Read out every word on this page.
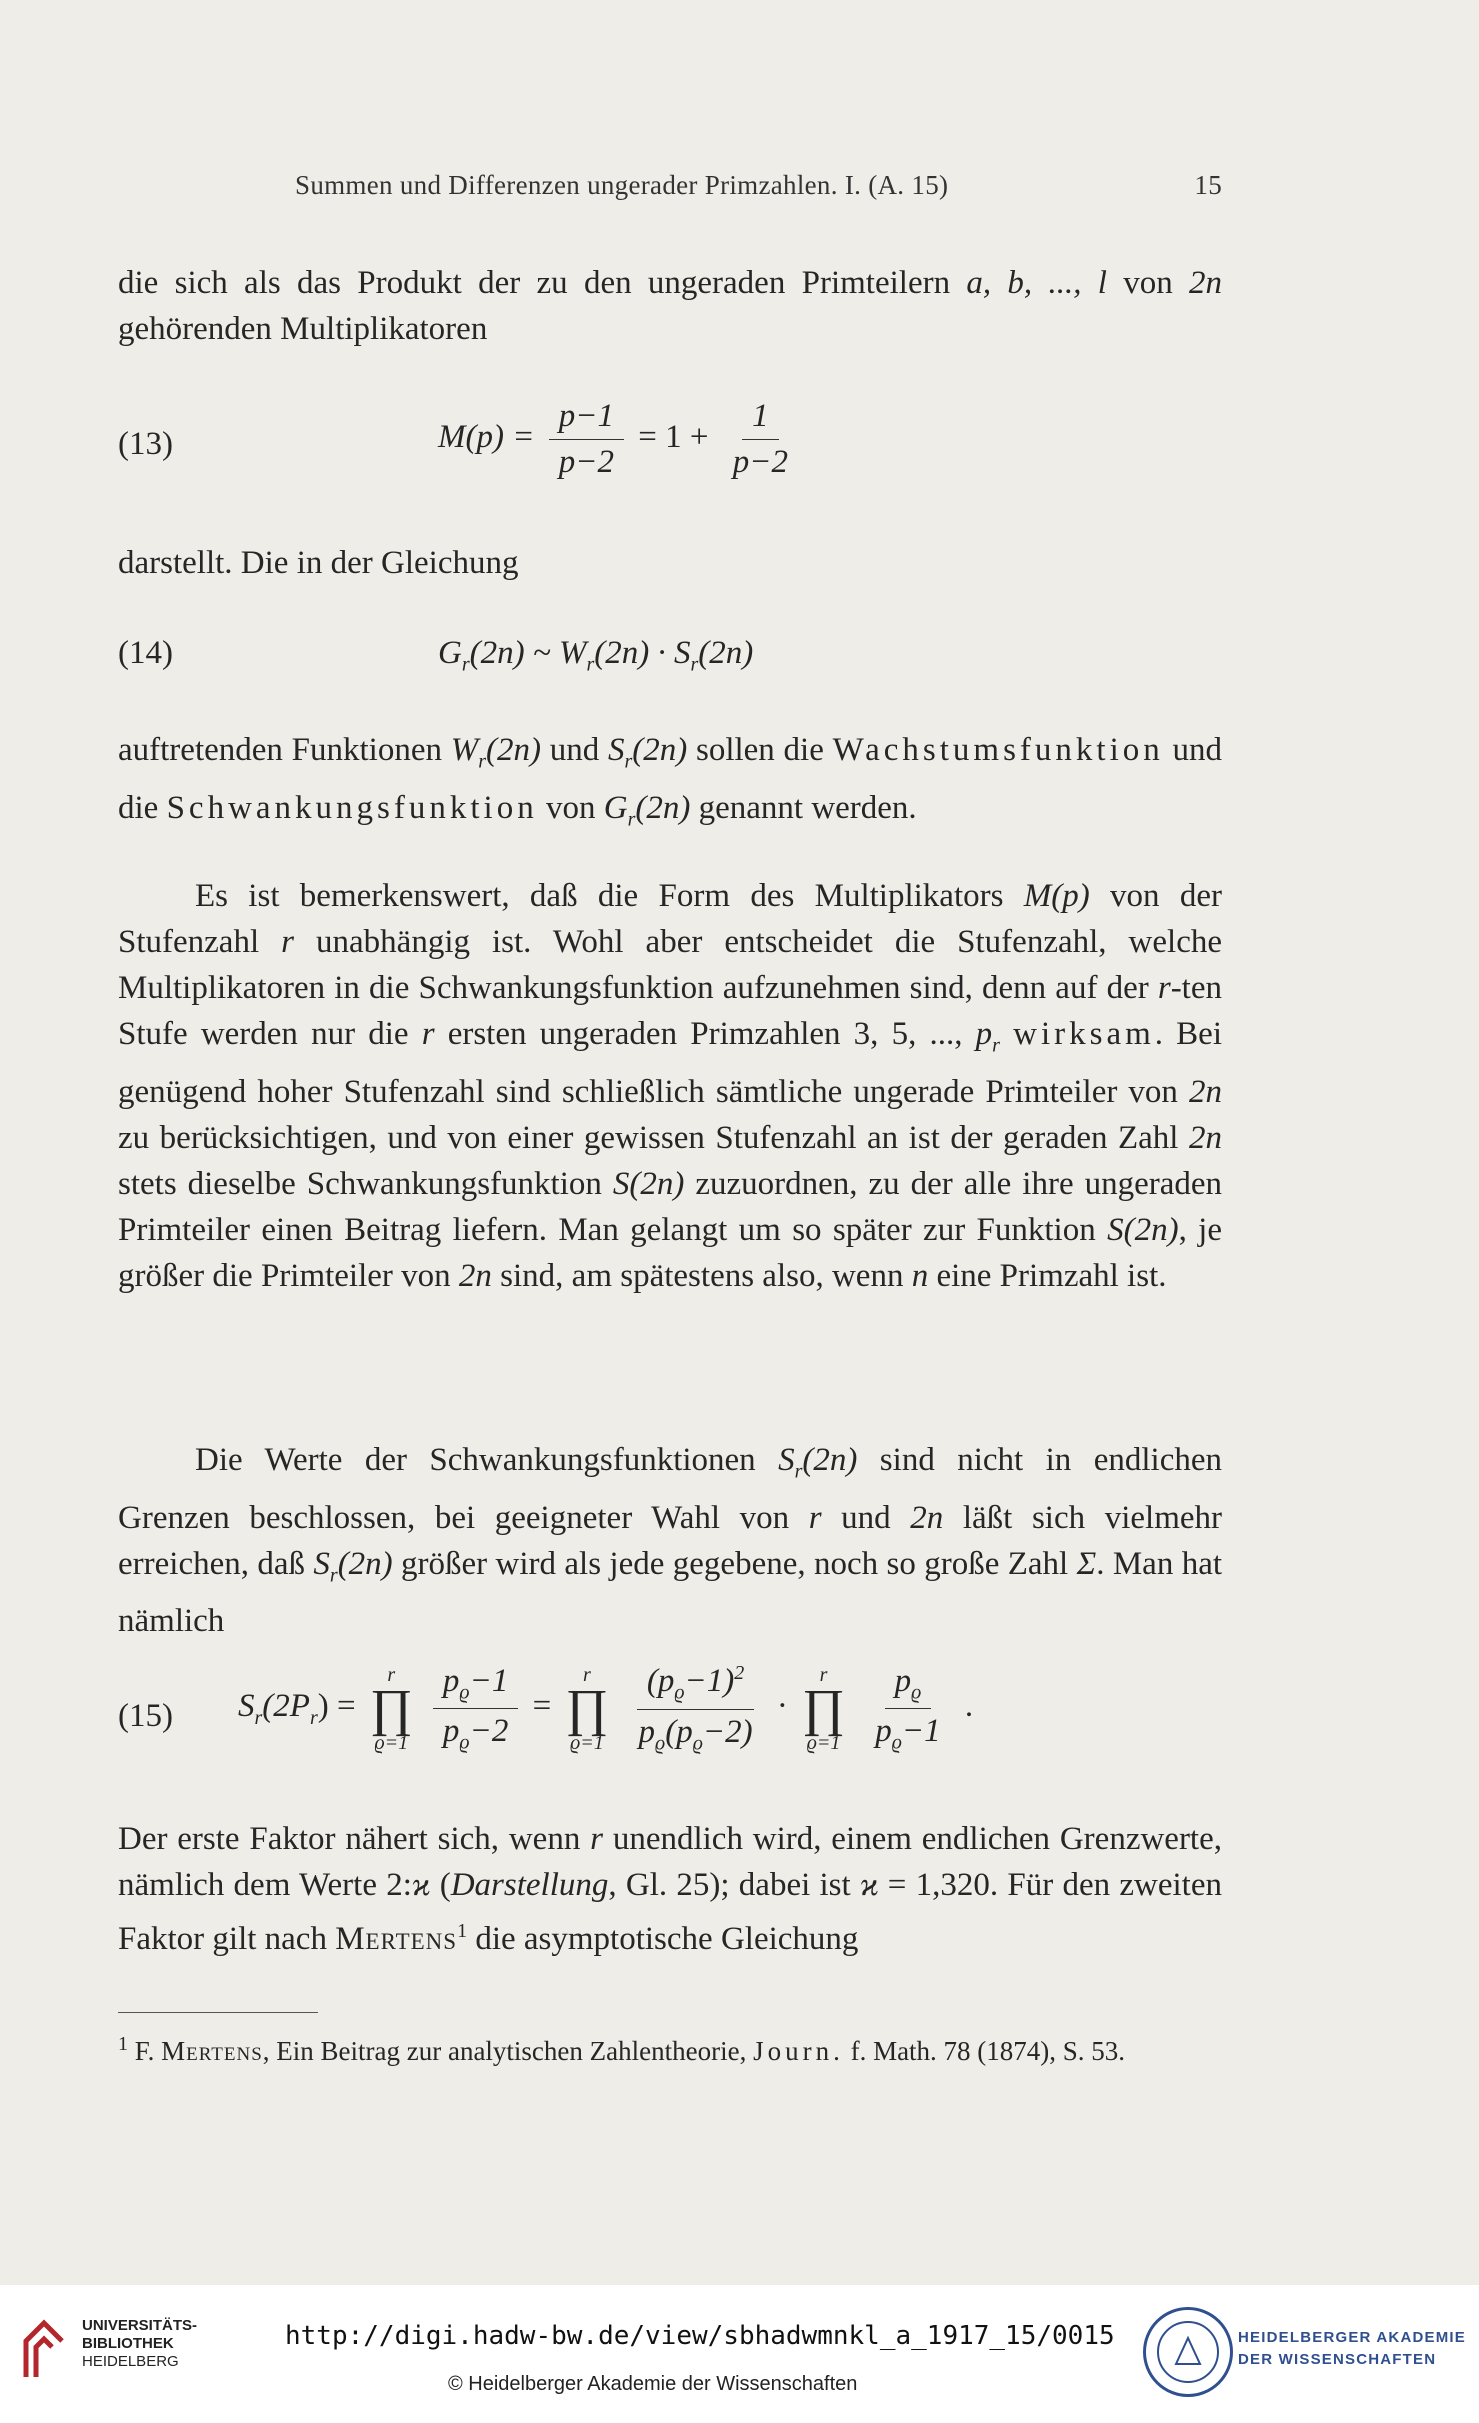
Summen und Differenzen ungerader Primzahlen. I. (A. 15)	15

die sich als das Produkt der zu den ungeraden Primteilern a, b, ..., l von 2n gehörenden Multiplikatoren

(13)	$M(p) = \frac{p-1}{p-2} = 1 + \frac{1}{p-2}$

darstellt. Die in der Gleichung

(14)	$G_r(2n)$ ~ $W_r(2n) \cdot S_r(2n)$

auftretenden Funktionen $W_r(2n)$ und $S_r(2n)$ sollen die Wachstumsfunktion und die Schwankungsfunktion von $G_r(2n)$ genannt werden.

Es ist bemerkenswert, daß die Form des Multiplikators M(p) von der Stufenzahl r unabhängig ist. Wohl aber entscheidet die Stufenzahl, welche Multiplikatoren in die Schwankungsfunktion aufzunehmen sind, denn auf der r-ten Stufe werden nur die r ersten ungeraden Primzahlen 3, 5, ..., $p_r$ wirksam. Bei genügend hoher Stufenzahl sind schließlich sämtliche ungerade Primteiler von 2n zu berücksichtigen, und von einer gewissen Stufenzahl an ist der geraden Zahl 2n stets dieselbe Schwankungsfunktion S(2n) zuzuordnen, zu der alle ihre ungeraden Primteiler einen Beitrag liefern. Man gelangt um so später zur Funktion S(2n), je größer die Primteiler von 2n sind, am spätestens also, wenn n eine Primzahl ist.

Die Werte der Schwankungsfunktionen $S_r(2n)$ sind nicht in endlichen Grenzen beschlossen, bei geeigneter Wahl von r und 2n läßt sich vielmehr erreichen, daß $S_r(2n)$ größer wird als jede gegebene, noch so große Zahl Σ. Man hat nämlich

(15) $S_r(2P_r)$ =
r
∏
ϱ=1
$\frac{p_ϱ-1}{p_ϱ-2}$ =
r
∏
ϱ=1
$\frac{(p_ϱ-1)^2}{p_ϱ(p_ϱ-2)}$ ·
r
∏
ϱ=1
$\frac{p_ϱ}{p_ϱ-1}$ .

Der erste Faktor nähert sich, wenn r unendlich wird, einem endlichen Grenzwerte, nämlich dem Werte 2:ϰ (Darstellung, Gl. 25); dabei ist ϰ = 1,320. Für den zweiten Faktor gilt nach Mertens$^1$ die asymptotische Gleichung

$^1$ F. Mertens, Ein Beitrag zur analytischen Zahlentheorie, Journ. f. Math. 78 (1874), S. 53.
UNIVERSITÄTS-
BIBLIOTHEK
HEIDELBERG
http://digi.hadw-bw.de/view/sbhadwmnkl_a_1917_15/0015
© Heidelberger Akademie der Wissenschaften
HEIDELBERGER AKADEMIE
DER WISSENSCHAFTEN
